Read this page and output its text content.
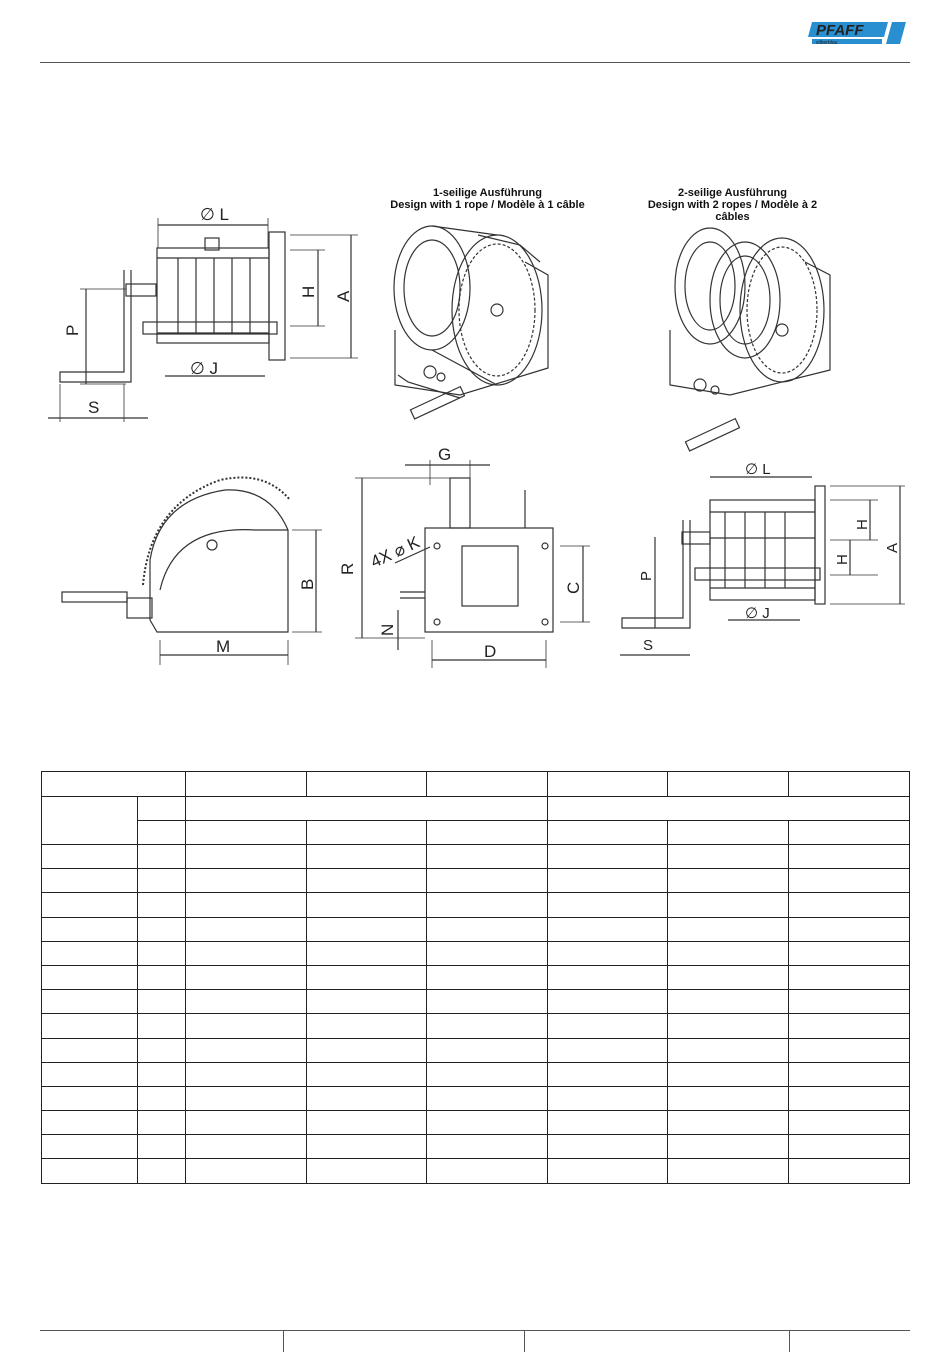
PFAFF
silberblau
1-seilige Ausführung
Design with 1 rope / Modèle à 1 câble
2-seilige Ausführung
Design with 2 ropes / Modèle à 2 câbles
∅ L
∅ J
H A
P
S
G
R 4X ⌀ K
B
M
C
N
D
∅ L
∅ J
H
H
A
P
S
